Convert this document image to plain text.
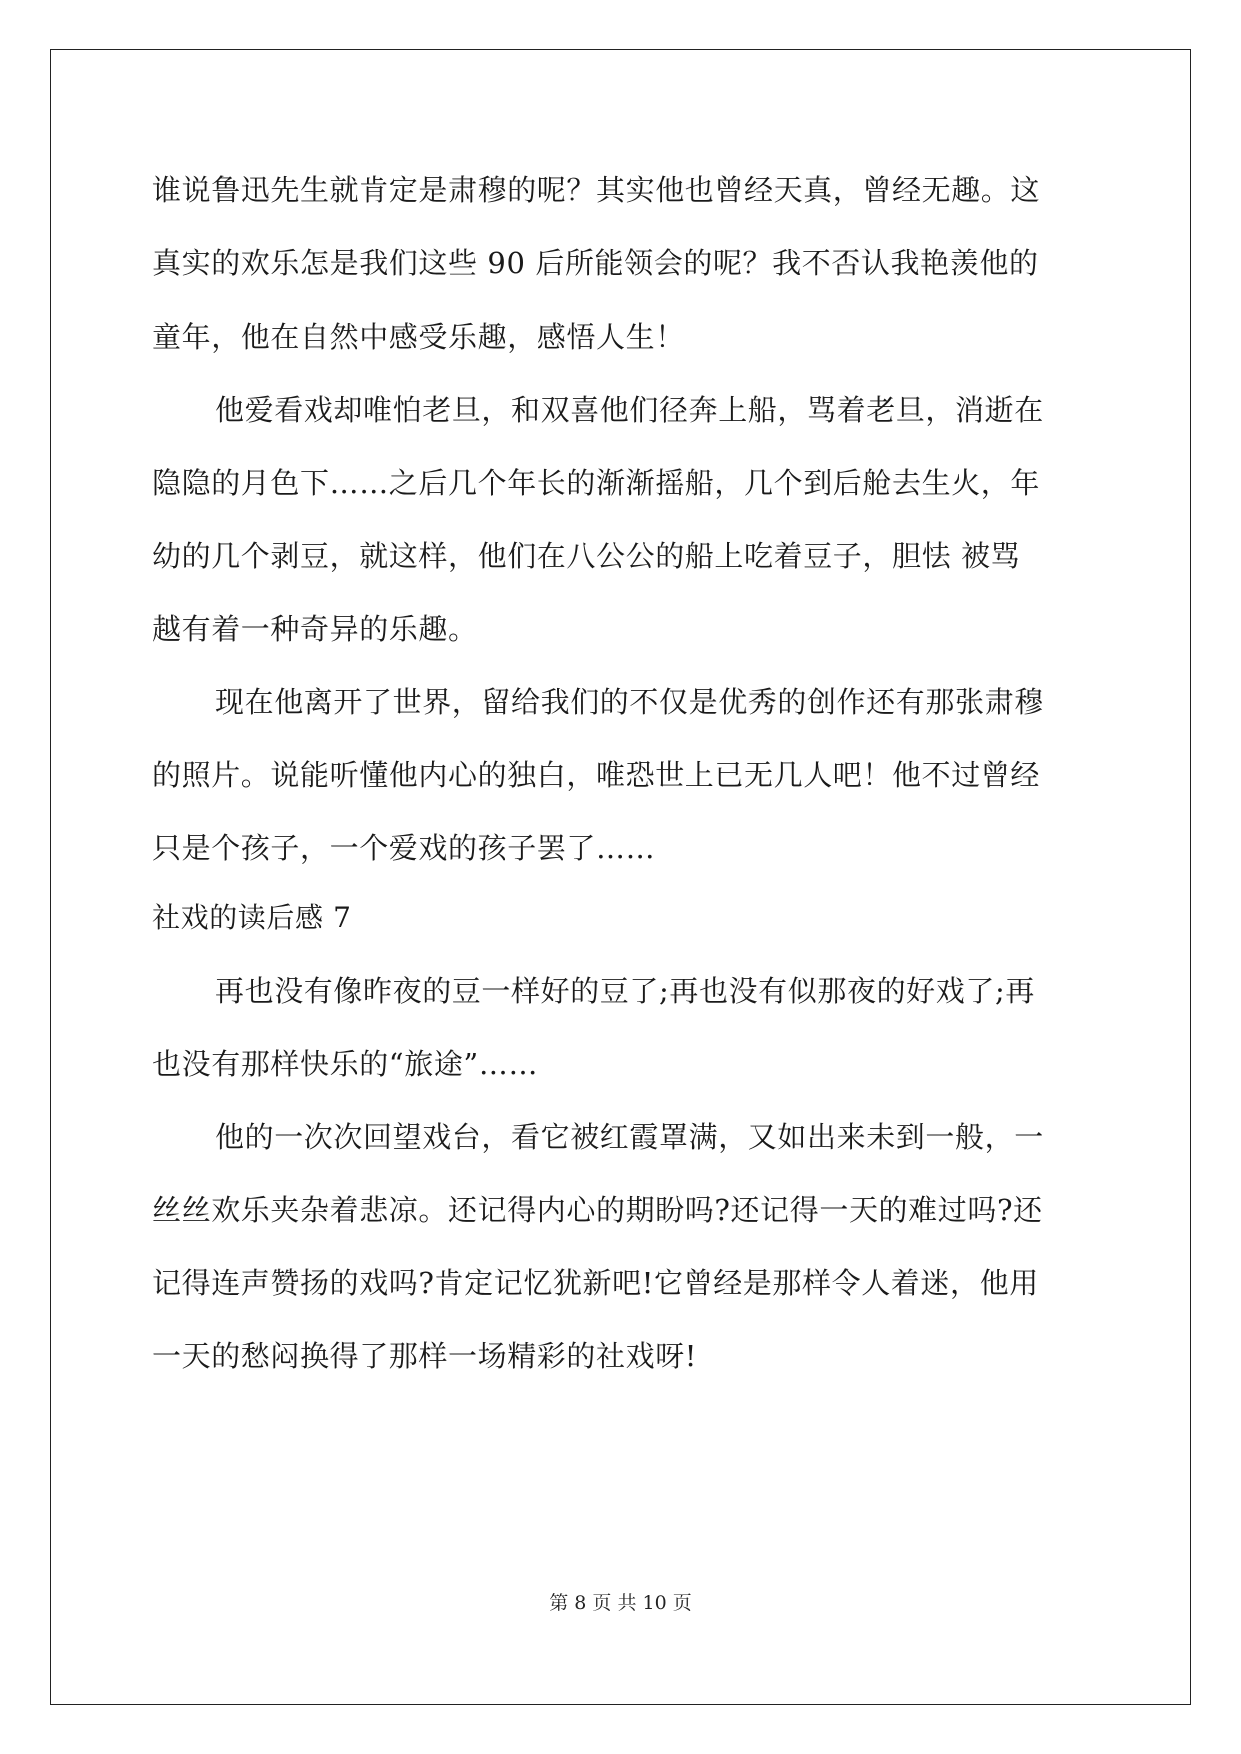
谁说鲁迅先生就肯定是肃穆的呢？其实他也曾经天真，曾经无趣。这
真实的欢乐怎是我们这些 90 后所能领会的呢？我不否认我艳羡他的
童年，他在自然中感受乐趣，感悟人生！
他爱看戏却唯怕老旦，和双喜他们径奔上船，骂着老旦，消逝在
隐隐的月色下……之后几个年长的渐渐摇船，几个到后舱去生火，年
幼的几个剥豆，就这样，他们在八公公的船上吃着豆子，胆怯 被骂
越有着一种奇异的乐趣。
现在他离开了世界，留给我们的不仅是优秀的创作还有那张肃穆
的照片。说能听懂他内心的独白，唯恐世上已无几人吧！他不过曾经
只是个孩子，一个爱戏的孩子罢了……
社戏的读后感 7
再也没有像昨夜的豆一样好的豆了;再也没有似那夜的好戏了;再
也没有那样快乐的“旅途”……
他的一次次回望戏台，看它被红霞罩满，又如出来未到一般，一
丝丝欢乐夹杂着悲凉。还记得内心的期盼吗?还记得一天的难过吗?还
记得连声赞扬的戏吗?肯定记忆犹新吧!它曾经是那样令人着迷，他用
一天的愁闷换得了那样一场精彩的社戏呀!
第 8 页 共 10 页
